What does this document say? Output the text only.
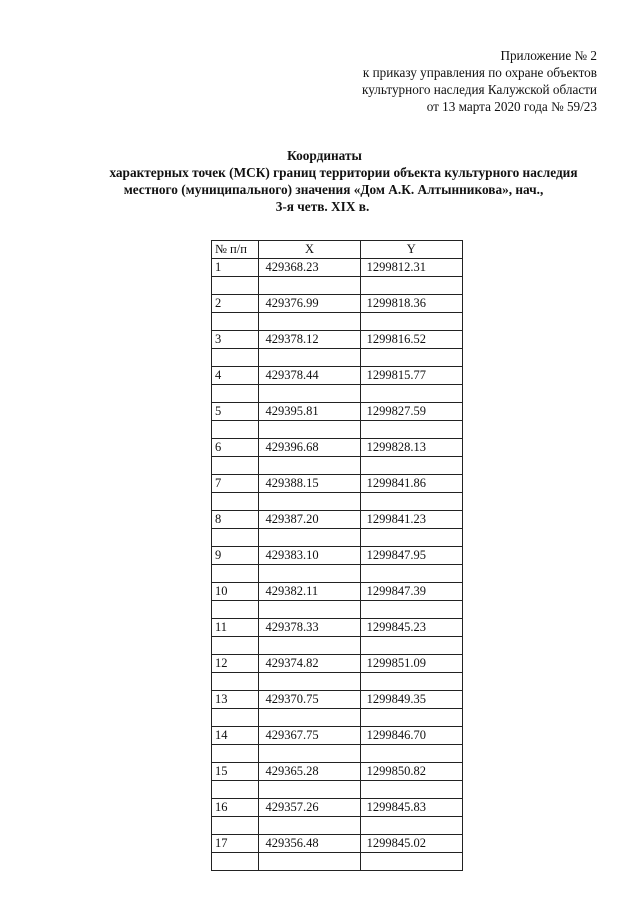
Приложение № 2
к приказу управления по охране объектов
культурного наследия Калужской области
от 13 марта 2020 года № 59/23
Координаты
характерных точек (МСК) границ территории объекта культурного наследия
местного (муниципального) значения «Дом А.К. Алтынникова», нач.,
3-я четв. XIX в.
№ п/п	X	Y
1	429368.23	1299812.31

2	429376.99	1299818.36

3	429378.12	1299816.52

4	429378.44	1299815.77

5	429395.81	1299827.59

6	429396.68	1299828.13

7	429388.15	1299841.86

8	429387.20	1299841.23

9	429383.10	1299847.95

10	429382.11	1299847.39

11	429378.33	1299845.23

12	429374.82	1299851.09

13	429370.75	1299849.35

14	429367.75	1299846.70

15	429365.28	1299850.82

16	429357.26	1299845.83

17	429356.48	1299845.02
